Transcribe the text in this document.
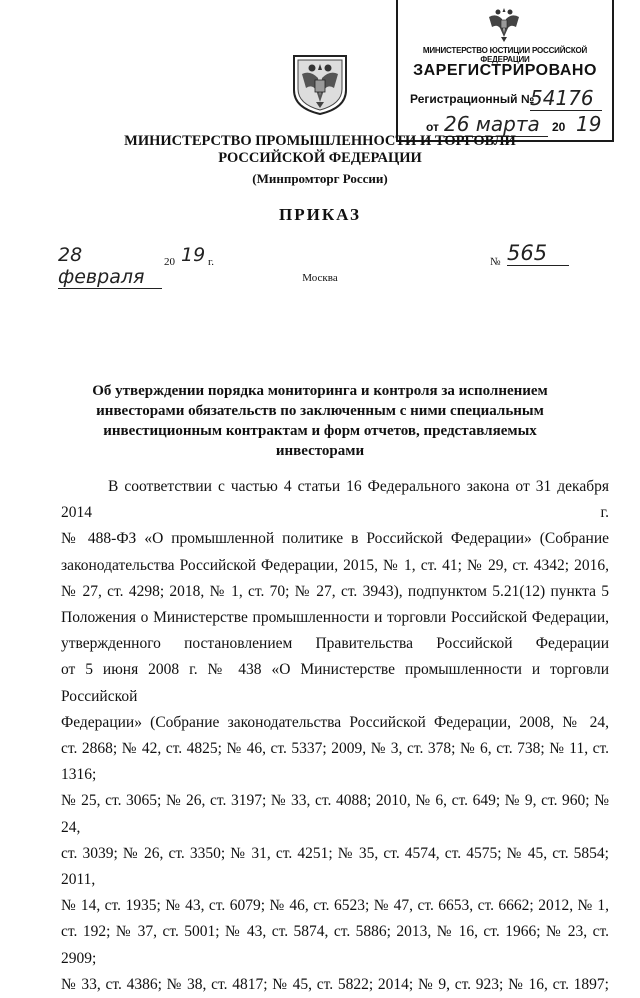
МИНИСТЕРСТВО ЮСТИЦИИ РОССИЙСКОЙ ФЕДЕРАЦИИ
ЗАРЕГИСТРИРОВАНО
Регистрационный №
54176
от 26 марта	20 19
МИНИСТЕРСТВО ПРОМЫШЛЕННОСТИ И ТОРГОВЛИ
РОССИЙСКОЙ ФЕДЕРАЦИИ
(Минпромторг России)
ПРИКАЗ
28 февраля
20 19 г.	№ 565
Москва
Об утверждении порядка мониторинга и контроля за исполнением
инвесторами обязательств по заключенным с ними специальным
инвестиционным контрактам и форм отчетов, представляемых инвесторами
В соответствии с частью 4 статьи 16 Федерального закона от 31 декабря 2014 г.
№ 488-ФЗ «О промышленной политике в Российской Федерации» (Собрание
законодательства Российской Федерации, 2015, № 1, ст. 41; № 29, ст. 4342; 2016,
№ 27, ст. 4298; 2018, № 1, ст. 70; № 27, ст. 3943), подпунктом 5.21(12) пункта 5
Положения о Министерстве промышленности и торговли Российской Федерации,
утвержденного постановлением Правительства Российской Федерации
от 5 июня 2008 г. № 438 «О Министерстве промышленности и торговли Российской
Федерации» (Собрание законодательства Российской Федерации, 2008, № 24,
ст. 2868; № 42, ст. 4825; № 46, ст. 5337; 2009, № 3, ст. 378; № 6, ст. 738; № 11, ст. 1316;
№ 25, ст. 3065; № 26, ст. 3197; № 33, ст. 4088; 2010, № 6, ст. 649; № 9, ст. 960; № 24,
ст. 3039; № 26, ст. 3350; № 31, ст. 4251; № 35, ст. 4574, ст. 4575; № 45, ст. 5854; 2011,
№ 14, ст. 1935; № 43, ст. 6079; № 46, ст. 6523; № 47, ст. 6653, ст. 6662; 2012, № 1,
ст. 192; № 37, ст. 5001; № 43, ст. 5874, ст. 5886; 2013, № 16, ст. 1966; № 23, ст. 2909;
№ 33, ст. 4386; № 38, ст. 4817; № 45, ст. 5822; 2014; № 9, ст. 923; № 16, ст. 1897;
